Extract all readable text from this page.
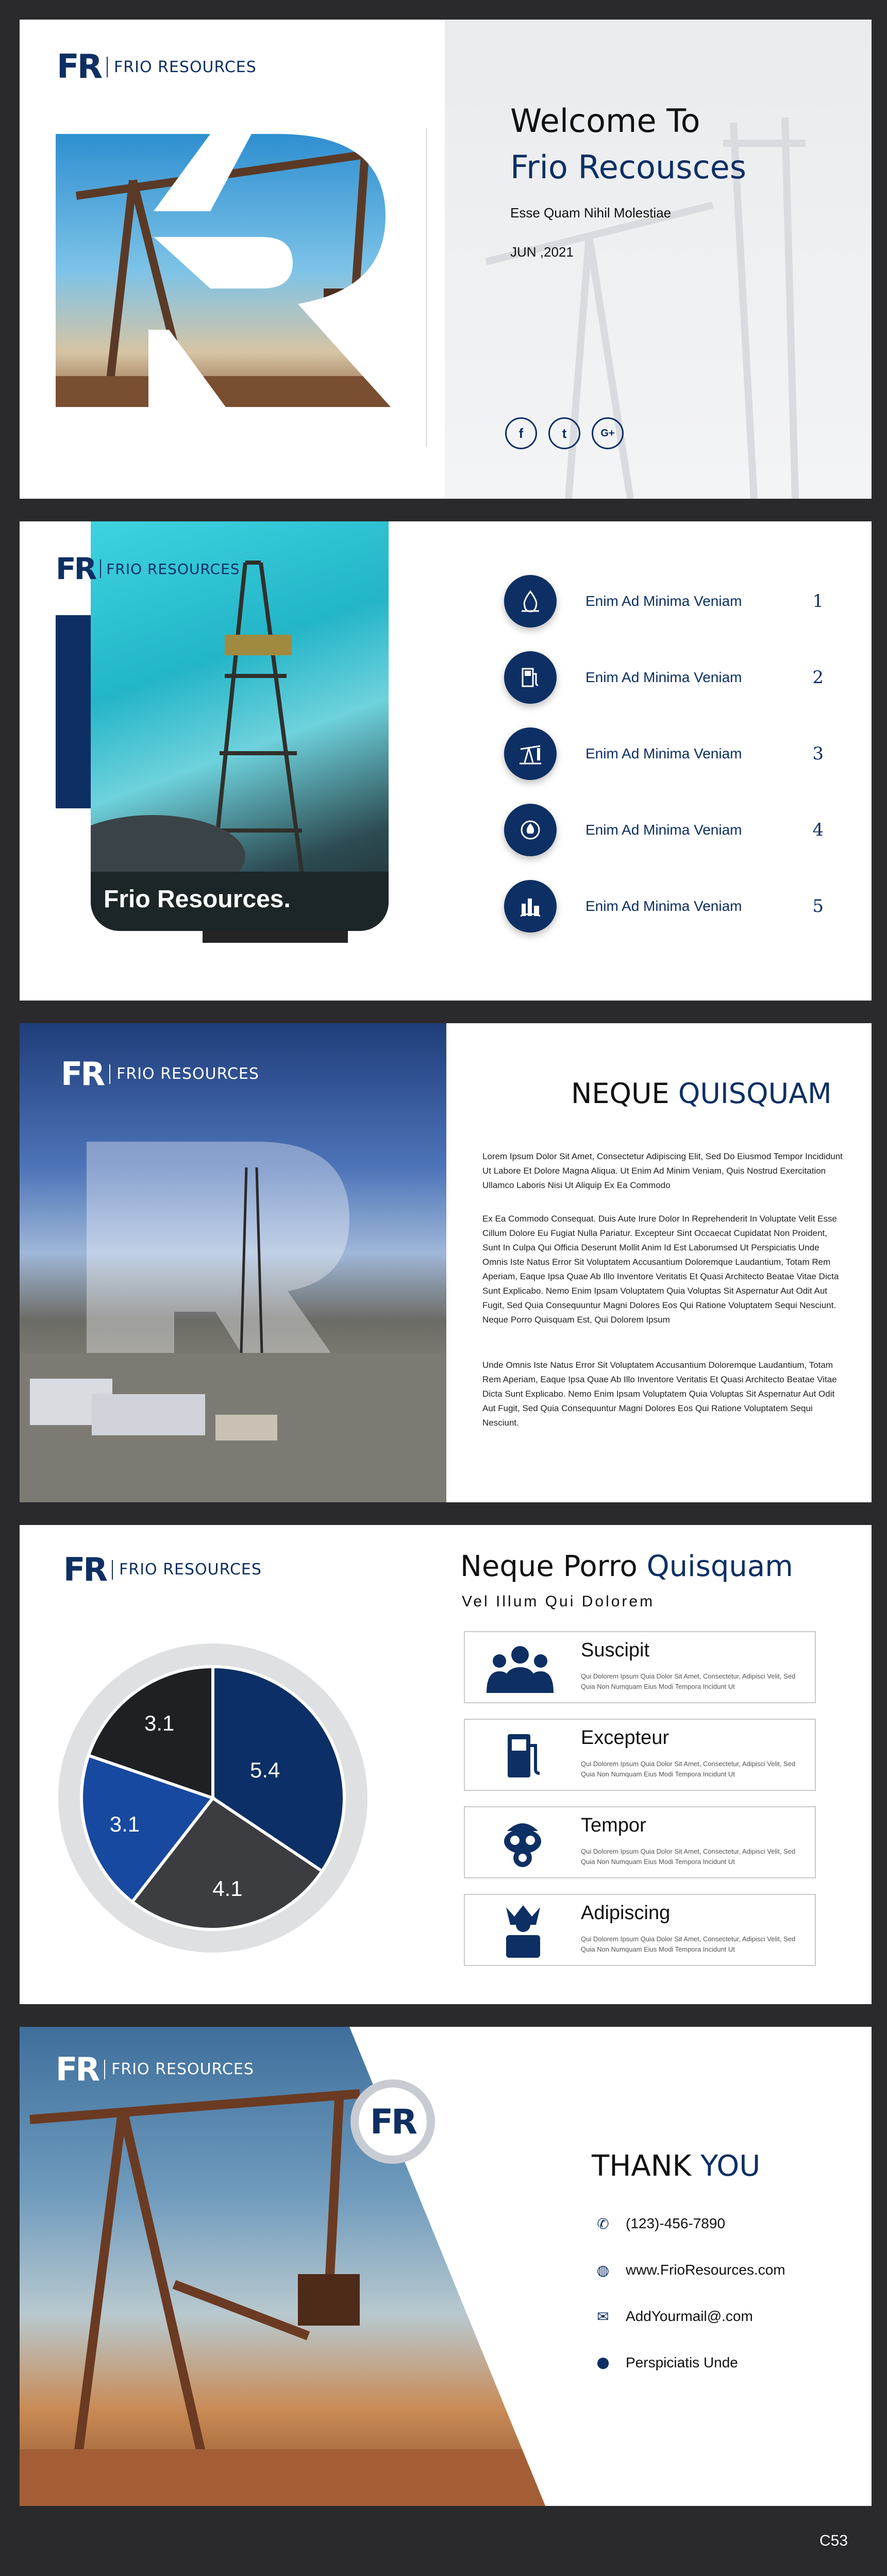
FR FRIO RESOURCES
Welcome To
Frio Recousces
Esse Quam Nihil Molestiae
JUN ,2021
f	t	G+
FR FRIO RESOURCES
Frio Resources.
Enim Ad Minima Veniam	1
Enim Ad Minima Veniam	2
Enim Ad Minima Veniam	3
Enim Ad Minima Veniam	4
Enim Ad Minima Veniam	5
FR FRIO RESOURCES
NEQUE QUISQUAM
Lorem Ipsum Dolor Sit Amet, Consectetur Adipiscing Elit, Sed Do Eiusmod Tempor Incididunt Ut Labore Et Dolore Magna Aliqua. Ut Enim Ad Minim Veniam, Quis Nostrud Exercitation Ullamco Laboris Nisi Ut Aliquip Ex Ea Commodo
Ex Ea Commodo Consequat. Duis Aute Irure Dolor In Reprehenderit In Voluptate Velit Esse Cillum Dolore Eu Fugiat Nulla Pariatur. Excepteur Sint Occaecat Cupidatat Non Proident, Sunt In Culpa Qui Officia Deserunt Mollit Anim Id Est Laborumsed Ut Perspiciatis Unde Omnis Iste Natus Error Sit Voluptatem Accusantium Doloremque Laudantium, Totam Rem Aperiam, Eaque Ipsa Quae Ab Illo Inventore Veritatis Et Quasi Architecto Beatae Vitae Dicta Sunt Explicabo. Nemo Enim Ipsam Voluptatem Quia Voluptas Sit Aspernatur Aut Odit Aut Fugit, Sed Quia Consequuntur Magni Dolores Eos Qui Ratione Voluptatem Sequi Nesciunt. Neque Porro Quisquam Est, Qui Dolorem Ipsum
Unde Omnis Iste Natus Error Sit Voluptatem Accusantium Doloremque Laudantium, Totam Rem Aperiam, Eaque Ipsa Quae Ab Illo Inventore Veritatis Et Quasi Architecto Beatae Vitae Dicta Sunt Explicabo. Nemo Enim Ipsam Voluptatem Quia Voluptas Sit Aspernatur Aut Odit Aut Fugit, Sed Quia Consequuntur Magni Dolores Eos Qui Ratione Voluptatem Sequi Nesciunt.
FR FRIO RESOURCES
5.4
4.1
3.1
3.1
Neque Porro Quisquam
Vel Illum Qui Dolorem
Suscipit
Qui Dolorem Ipsum Quia Dolor Sit Amet, Consectetur, Adipisci Velit, Sed Quia Non Numquam Eius Modi Tempora Incidunt Ut
Excepteur
Qui Dolorem Ipsum Quia Dolor Sit Amet, Consectetur, Adipisci Velit, Sed Quia Non Numquam Eius Modi Tempora Incidunt Ut
Tempor
Qui Dolorem Ipsum Quia Dolor Sit Amet, Consectetur, Adipisci Velit, Sed Quia Non Numquam Eius Modi Tempora Incidunt Ut
Adipiscing
Qui Dolorem Ipsum Quia Dolor Sit Amet, Consectetur, Adipisci Velit, Sed Quia Non Numquam Eius Modi Tempora Incidunt Ut
FR FRIO RESOURCES
FR
THANK YOU
✆ (123)-456-7890
◍ www.FrioResources.com
✉ AddYourmail@.com
⬤ Perspiciatis Unde
C53
